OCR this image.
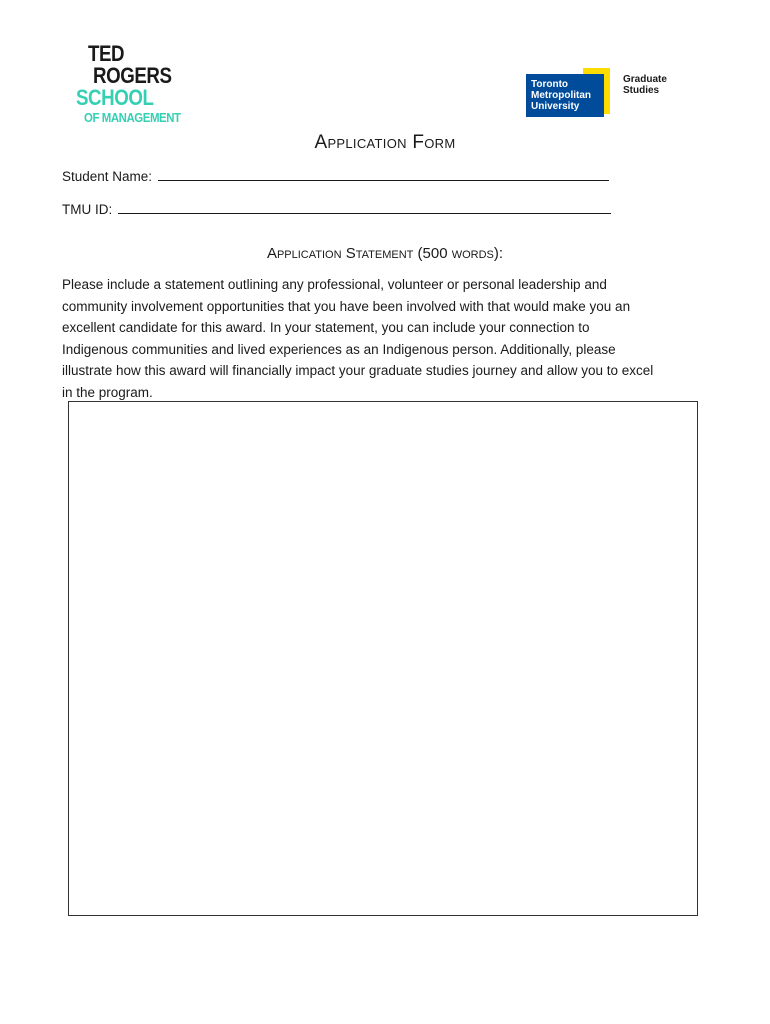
TED
ROGERS
SCHOOL
OF MANAGEMENT
Toronto
Metropolitan
University
Graduate
Studies
Application Form
Student Name:
TMU ID:
Application Statement (500 words):
Please include a statement outlining any professional, volunteer or personal leadership and
community involvement opportunities that you have been involved with that would make you an
excellent candidate for this award. In your statement, you can include your connection to
Indigenous communities and lived experiences as an Indigenous person. Additionally, please
illustrate how this award will financially impact your graduate studies journey and allow you to excel
in the program.
